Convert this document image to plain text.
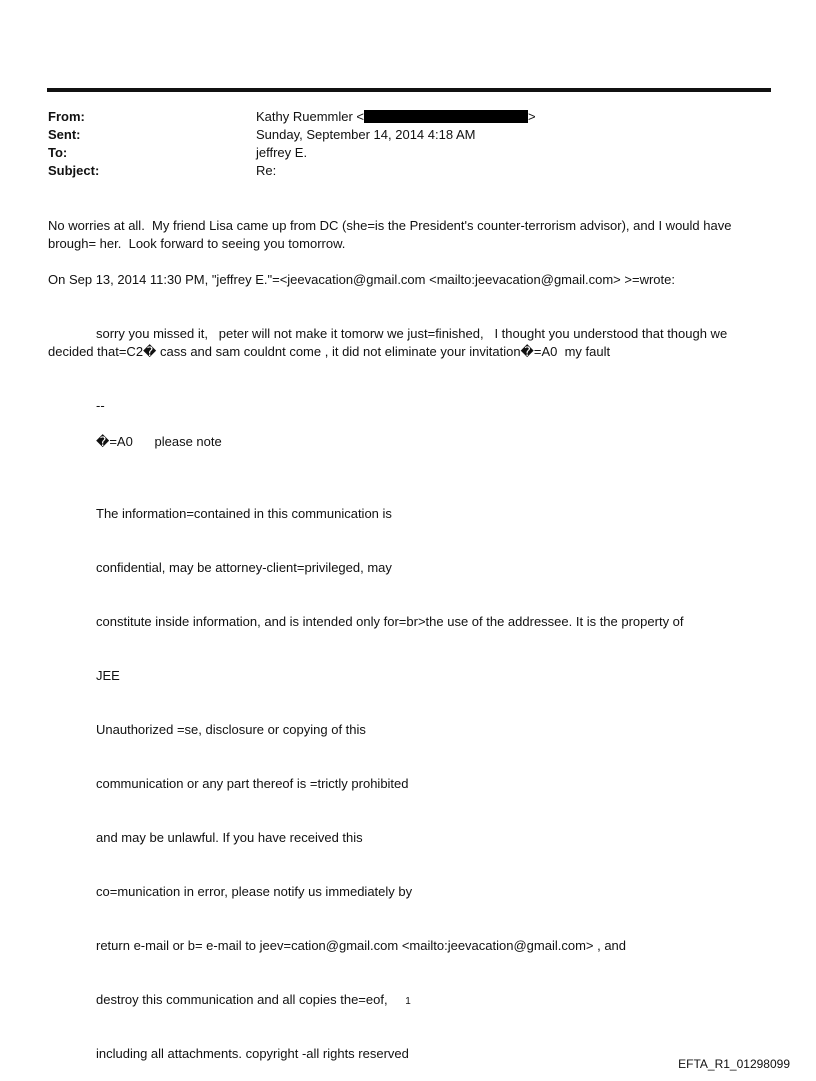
From:	Kathy Ruemmler <	>
Sent:	Sunday, September 14, 2014 4:18 AM
To:	jeffrey E.
Subject:	Re:
No worries at all.  My friend Lisa came up from DC (she=is the President's counter-terrorism advisor), and I would have
brough= her.  Look forward to seeing you tomorrow.
On Sep 13, 2014 11:30 PM, "jeffrey E."=<jeevacation@gmail.com <mailto:jeevacation@gmail.com> >=wrote:
sorry you missed it,   peter will not make it tomorw we just=finished,   I thought you understood that though we
decided that=C2� cass and sam couldnt come , it did not eliminate your invitation�=A0  my fault
--
�=A0      please note

The information=contained in this communication is

confidential, may be attorney-client=privileged, may

constitute inside information, and is intended only for=br>the use of the addressee. It is the property of

JEE

Unauthorized =se, disclosure or copying of this

communication or any part thereof is =trictly prohibited

and may be unlawful. If you have received this

co=munication in error, please notify us immediately by

return e-mail or b= e-mail to jeev=cation@gmail.com <mailto:jeevacation@gmail.com> , and

destroy this communication and all copies the=eof,

including all attachments. copyright -all rights reserved

1
EFTA_R1_01298099
